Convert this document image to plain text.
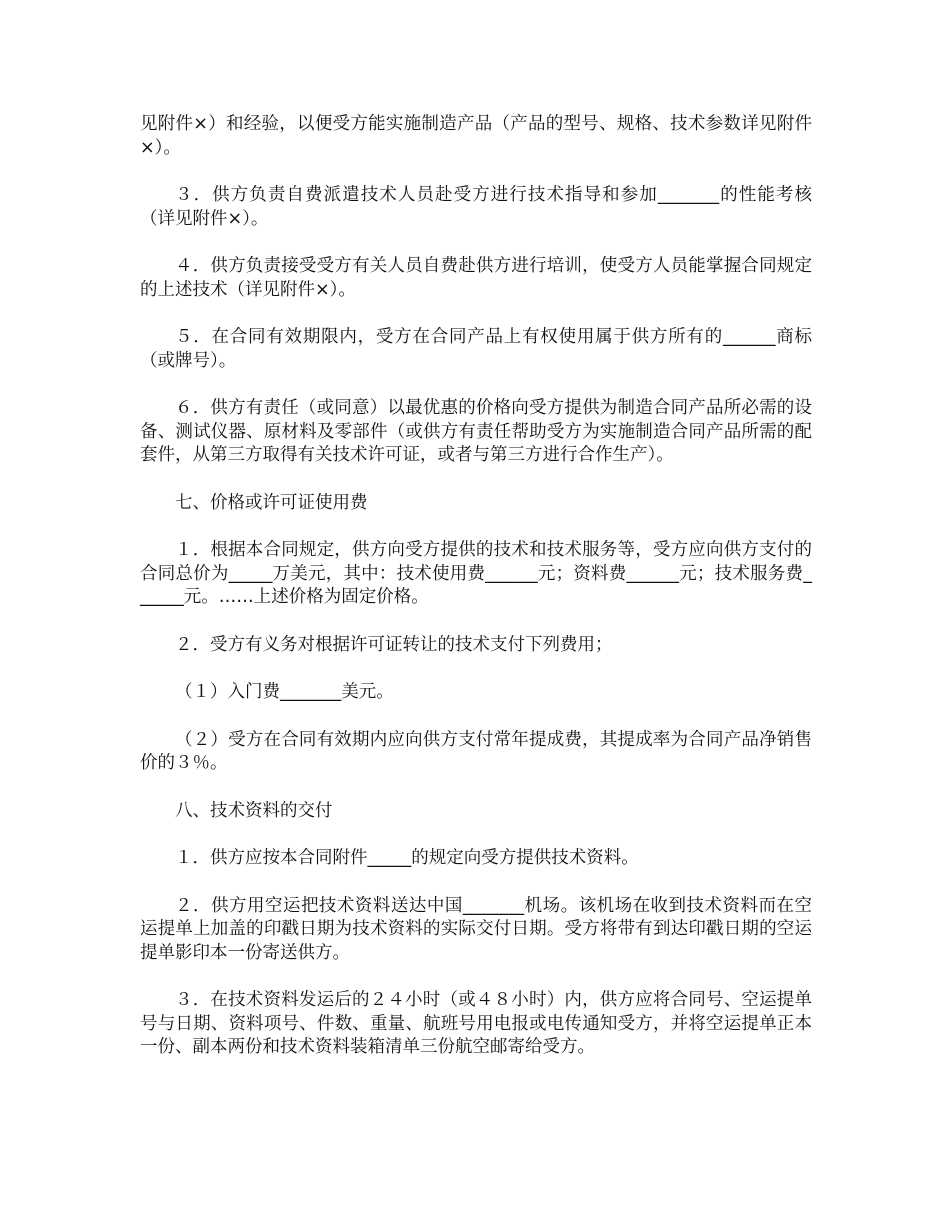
见附件×）和经验，以便受方能实施制造产品（产品的型号、规格、技术参数详见附件×）。

３．供方负责自费派遣技术人员赴受方进行技术指导和参加_______的性能考核（详见附件×）。

４．供方负责接受受方有关人员自费赴供方进行培训，使受方人员能掌握合同规定的上述技术（详见附件×）。

５．在合同有效期限内，受方在合同产品上有权使用属于供方所有的______商标（或牌号）。

６．供方有责任（或同意）以最优惠的价格向受方提供为制造合同产品所必需的设备、测试仪器、原材料及零部件（或供方有责任帮助受方为实施制造合同产品所需的配套件，从第三方取得有关技术许可证，或者与第三方进行合作生产）。

七、价格或许可证使用费

１．根据本合同规定，供方向受方提供的技术和技术服务等，受方应向供方支付的合同总价为_____万美元，其中：技术使用费______元；资料费______元；技术服务费______元。……上述价格为固定价格。

２．受方有义务对根据许可证转让的技术支付下列费用；

（１）入门费_______美元。

（２）受方在合同有效期内应向供方支付常年提成费，其提成率为合同产品净销售价的３％。

八、技术资料的交付

１．供方应按本合同附件_____的规定向受方提供技术资料。

２．供方用空运把技术资料送达中国_______机场。该机场在收到技术资料而在空运提单上加盖的印戳日期为技术资料的实际交付日期。受方将带有到达印戳日期的空运提单影印本一份寄送供方。

３．在技术资料发运后的２４小时（或４８小时）内，供方应将合同号、空运提单号与日期、资料项号、件数、重量、航班号用电报或电传通知受方，并将空运提单正本一份、副本两份和技术资料装箱清单三份航空邮寄给受方。
